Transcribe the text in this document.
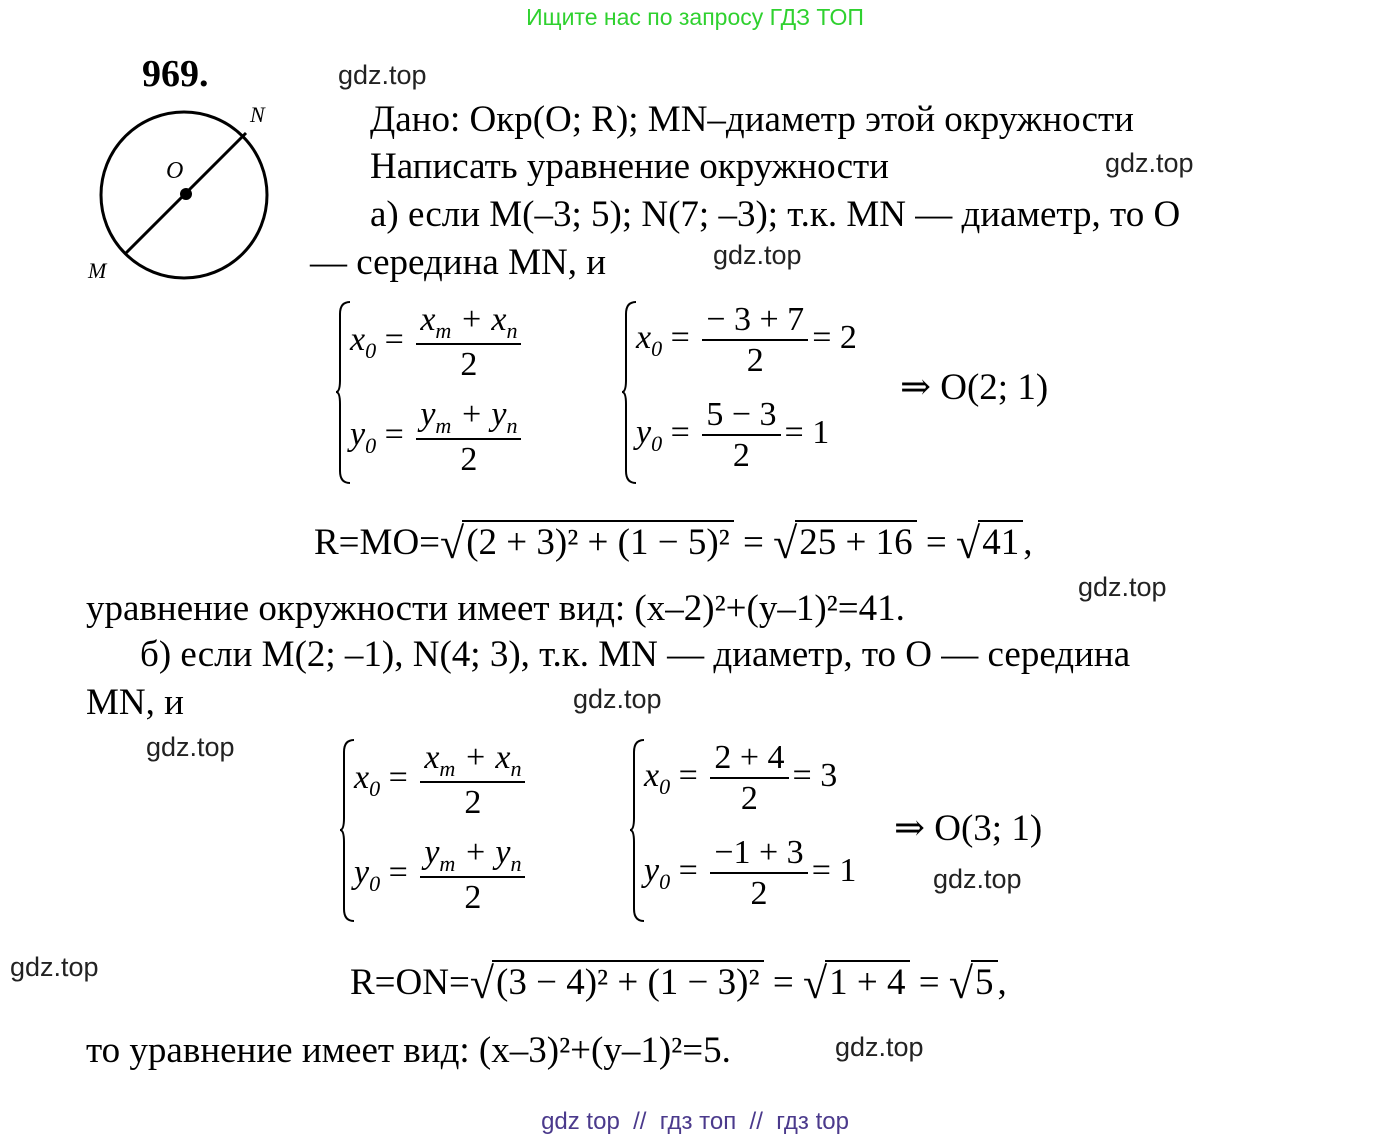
Ищите нас по запросу ГДЗ ТОП
969.
O
N
M
gdz.top
gdz.top
gdz.top
gdz.top
gdz.top
gdz.top
gdz.top
gdz.top
gdz.top
Дано: Окр(О; R); MN–диаметр этой окружности
Написать уравнение окружности
а) если M(–3; 5); N(7; –3); т.к. MN — диаметр, то O
— середина MN, и
$x_0 = \frac{x_m + x_n}{2}$
$y_0 = \frac{y_m + y_n}{2}$
$x_0 = \frac{- 3 + 7}{2} = 2$
$y_0 = \frac{5 - 3}{2} = 1$
⇒ O(2; 1)
R=MO=√(2 + 3)² + (1 − 5)² = √25 + 16 = √41 ,
уравнение окружности имеет вид: (x–2)²+(y–1)²=41.
б) если M(2; –1), N(4; 3), т.к. MN — диаметр, то O — середина
MN, и
$x_0 = \frac{x_m + x_n}{2}$
$y_0 = \frac{y_m + y_n}{2}$
$x_0 = \frac{2 + 4}{2} = 3$
$y_0 = \frac{-1 + 3}{2} = 1$
⇒ O(3; 1)
R=ON=√(3 − 4)² + (1 − 3)² = √1 + 4 = √5 ,
то уравнение имеет вид: (x–3)²+(y–1)²=5.
gdz top  //  гдз топ  //  гдз top
